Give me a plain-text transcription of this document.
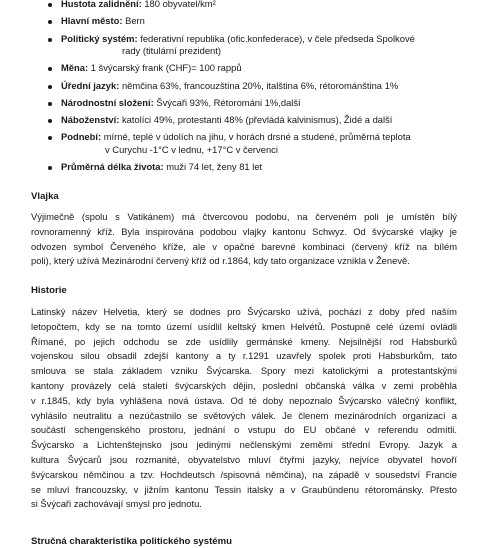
Hustota zalidnění: 180 obyvatel/km²
Hlavní město: Bern
Politický systém: federativní republika (ofic.konfederace), v čele předseda Spolkové
rady (titulární prezident)
Měna: 1 švýcarský frank (CHF)= 100 rappů
Úřední jazyk: němčina 63%, francouzština 20%, italština 6%, rétorománština 1%
Národnostní složení: Švýcaři 93%, Rétorománi 1%,další
Náboženství: katolíci 49%, protestanti 48% (převládá kalvinismus), Židé a další
Podnebí: mírné, teplé v údolích na jihu, v horách drsné a studené, průměrná teplota
v Curychu -1°C v lednu, +17°C v červenci
Průměrná délka života: muži 74 let, ženy 81 let
Vlajka
Výjimečně (spolu s Vatikánem) má čtvercovou podobu, na červeném poli je umístěn bílý
rovnoramenný kříž. Byla inspirována podobou vlajky kantonu Schwyz. Od švýcarské vlajky je
odvozen symbol Červeného kříže, ale v opačné barevné kombinaci (červený kříž na bílém
poli), který užívá Mezinárodní červený kříž od r.1864, kdy tato organizace vznikla v Ženevě.
Historie
Latinský název Helvetia, který se dodnes pro Švýcarsko užívá, pochází z doby před naším
letopočtem, kdy se na tomto území usídlil keltský kmen Helvétů. Postupně celé území ovládli
Římané, po jejich odchodu se zde usídlily germánské kmeny. Nejsilnější rod Habsburků
vojenskou silou obsadil zdejší kantony a ty r.1291 uzavřely spolek proti Habsburkům, tato
smlouva se stala základem vzniku Švýcarska. Spory mezi katolickými a protestantskými
kantony provázely celá staletí švýcarských dějin, poslední občanská válka v zemi proběhla
v r.1845, kdy byla vyhlášena nová ústava. Od té doby nepoznalo Švýcarsko válečný konflikt,
vyhlásilo neutralitu a nezúčastnilo se světových válek. Je členem mezinárodních organizací a
součástí schengenského prostoru, jednání o vstupu do EU občané v referendu odmítli.
Švýcarsko a Lichtenštejnsko jsou jedinými nečlenskými zeměmi střední Evropy. Jazyk a
kultura Švýcarů jsou rozmanité, obyvatelstvo mluví čtyřmi jazyky, nejvíce obyvatel hovoří
švýcarskou němčinou a tzv. Hochdeutsch /spisovná němčina), na západě v sousedství Francie
se mluví francouzsky, v jižním kantonu Tessin italsky a v Graubündenu rétorománsky. Přesto
si Švýcaři zachovávají smysl pro jednotu.
Stručná charakteristika politického systému
